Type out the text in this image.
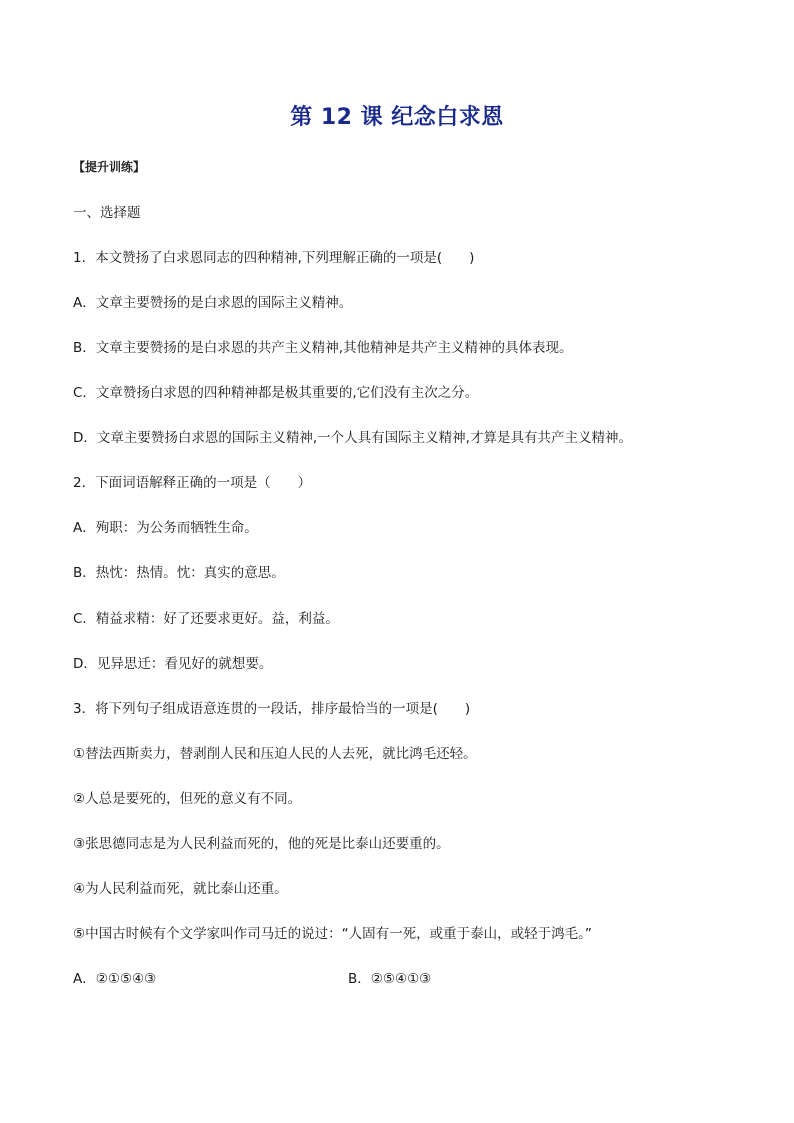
第 12 课 纪念白求恩
【提升训练】
一、选择题
1．本文赞扬了白求恩同志的四种精神,下列理解正确的一项是(　　)
A．文章主要赞扬的是白求恩的国际主义精神。
B．文章主要赞扬的是白求恩的共产主义精神,其他精神是共产主义精神的具体表现。
C．文章赞扬白求恩的四种精神都是极其重要的,它们没有主次之分。
D．文章主要赞扬白求恩的国际主义精神,一个人具有国际主义精神,才算是具有共产主义精神。
2．下面词语解释正确的一项是（　　）
A．殉职：为公务而牺牲生命。
B．热忱：热情。忱：真实的意思。
C．精益求精：好了还要求更好。益，利益。
D．见异思迁：看见好的就想要。
3．将下列句子组成语意连贯的一段话，排序最恰当的一项是(　　)
①替法西斯卖力，替剥削人民和压迫人民的人去死，就比鸿毛还轻。
②人总是要死的，但死的意义有不同。
③张思德同志是为人民利益而死的，他的死是比泰山还要重的。
④为人民利益而死，就比泰山还重。
⑤中国古时候有个文学家叫作司马迁的说过：“人固有一死，或重于泰山，或轻于鸿毛。”
A．②①⑤④③	B．②⑤④①③
